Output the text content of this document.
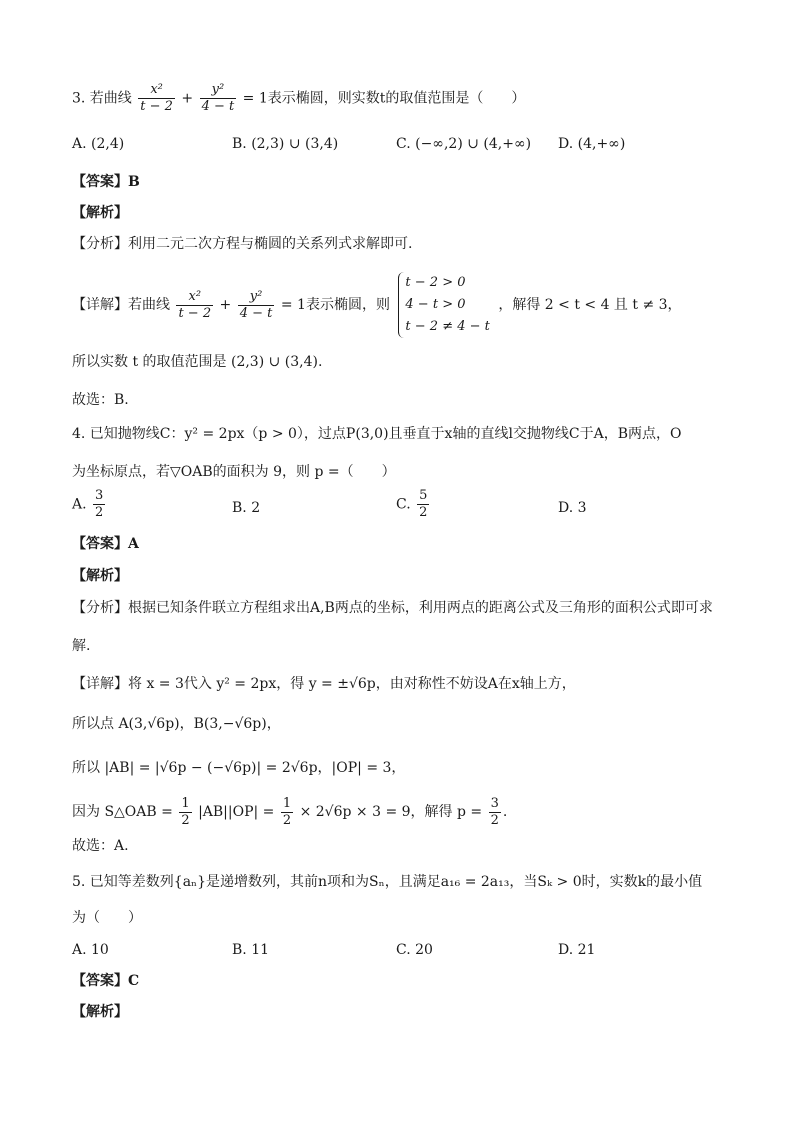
3. 若曲线 $\frac{\text{x²}}{t - 2} + \frac{\text{y²}}{4 - t} = 1$表示椭圆，则实数t的取值范围是（　　）
A. (2,4)	B. (2,3) ∪ (3,4)	C. (−∞,2) ∪ (4,+∞) D. (4,+∞)
【答案】B
【解析】
【分析】利用二元二次方程与椭圆的关系列式求解即可.
【详解】若曲线 $\frac{\text{x²}}{t - 2} + \frac{\text{y²}}{4 - t} = 1$表示椭圆，则
t − 2 > 0
4 − t > 0
t − 2 ≠ 4 − t
，解得 2 < t < 4 且 t ≠ 3，
所以实数 t 的取值范围是 (2,3) ∪ (3,4).
故选：B.
4. 已知抛物线C：y² = 2px（p > 0），过点P(3,0)且垂直于x轴的直线l交抛物线C于A，B两点，O
为坐标原点，若▽OAB的面积为 9，则 p =（　　）
A. $\frac{3}{2}$	B. 2	C. $\frac{5}{2}$	D. 3
【答案】A
【解析】
【分析】根据已知条件联立方程组求出A,B两点的坐标，利用两点的距离公式及三角形的面积公式即可求
解.
【详解】将 x = 3代入 y² = 2px，得 y = ±√6p，由对称性不妨设A在x轴上方，
所以点 A(3,√6p)，B(3,−√6p)，
所以 |AB| = |√6p − (−√6p)| = 2√6p，|OP| = 3，
因为 S△OAB = $\frac{1}{2} |AB||OP| = \frac{1}{2} \times 2√6p \times 3 = 9$，解得 $p = \frac{3}{2}$ .
故选：A.
5. 已知等差数列{aₙ}是递增数列，其前n项和为Sₙ，且满足a₁₆ = 2a₁₃，当Sₖ > 0时，实数k的最小值
为（　　）
A. 10	B. 11	C. 20	D. 21
【答案】C
【解析】
